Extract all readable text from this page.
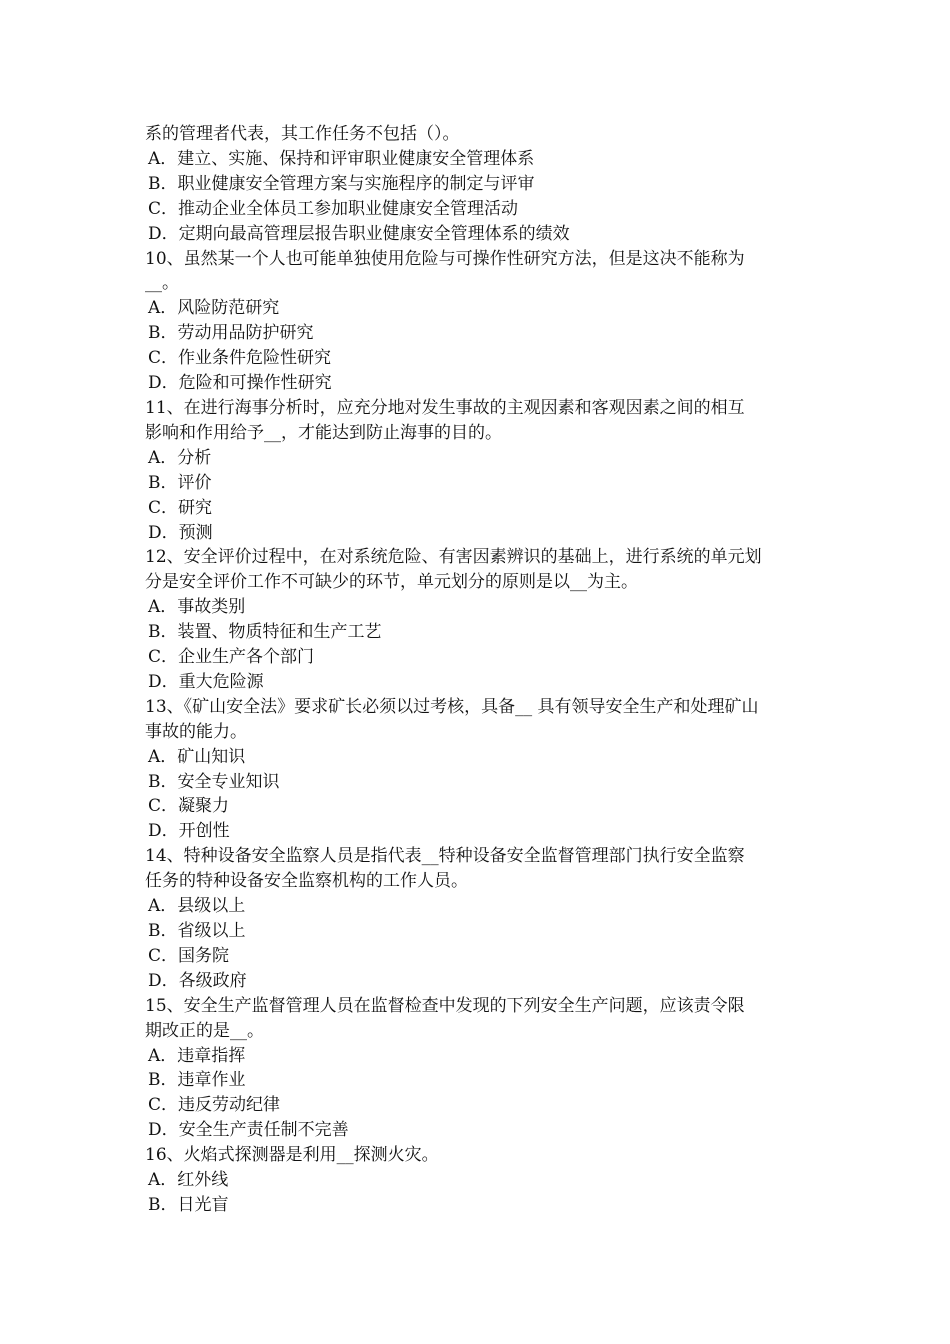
系的管理者代表，其工作任务不包括（）。
A．建立、实施、保持和评审职业健康安全管理体系
B．职业健康安全管理方案与实施程序的制定与评审
C．推动企业全体员工参加职业健康安全管理活动
D．定期向最高管理层报告职业健康安全管理体系的绩效
10、虽然某一个人也可能单独使用危险与可操作性研究方法，但是这决不能称为
__。
A．风险防范研究
B．劳动用品防护研究
C．作业条件危险性研究
D．危险和可操作性研究
11、在进行海事分析时，应充分地对发生事故的主观因素和客观因素之间的相互
影响和作用给予__，才能达到防止海事的目的。
A．分析
B．评价
C．研究
D．预测
12、安全评价过程中，在对系统危险、有害因素辨识的基础上，进行系统的单元划
分是安全评价工作不可缺少的环节，单元划分的原则是以__为主。
A．事故类别
B．装置、物质特征和生产工艺
C．企业生产各个部门
D．重大危险源
13、《矿山安全法》要求矿长必须以过考核，具备__ 具有领导安全生产和处理矿山
事故的能力。
A．矿山知识
B．安全专业知识
C．凝聚力
D．开创性
14、特种设备安全监察人员是指代表__特种设备安全监督管理部门执行安全监察
任务的特种设备安全监察机构的工作人员。
A．县级以上
B．省级以上
C．国务院
D．各级政府
15、安全生产监督管理人员在监督检查中发现的下列安全生产问题，应该责令限
期改正的是__。
A．违章指挥
B．违章作业
C．违反劳动纪律
D．安全生产责任制不完善
16、火焰式探测器是利用__探测火灾。
A．红外线
B．日光盲
